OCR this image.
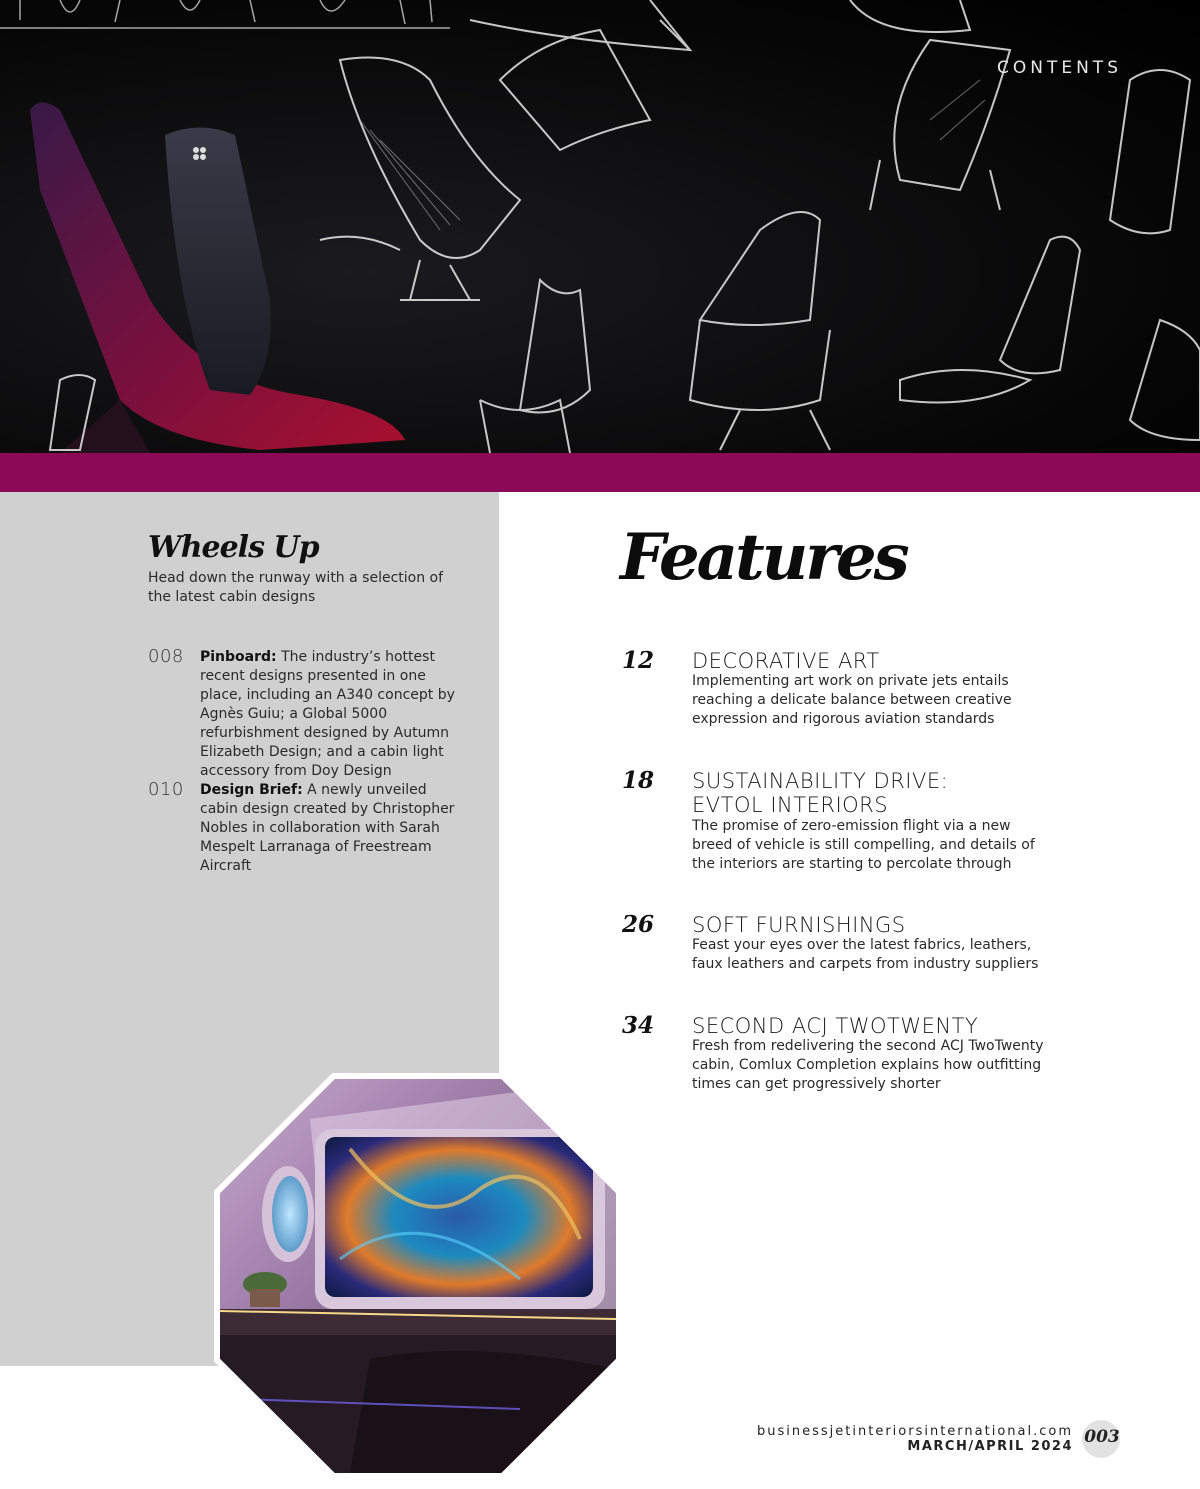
CONTENTS
Wheels Up
Head down the runway with a selection of the latest cabin designs
008 Pinboard: The industry’s hottest recent designs presented in one place, including an A340 concept by Agnès Guiu; a Global 5000 refurbishment designed by Autumn Elizabeth Design; and a cabin light accessory from Doy Design
010 Design Brief: A newly unveiled cabin design created by Christopher Nobles in collaboration with Sarah Mespelt Larranaga of Freestream Aircraft
Features
12 DECORATIVE ART
Implementing art work on private jets entails reaching a delicate balance between creative expression and rigorous aviation standards
18 SUSTAINABILITY DRIVE: EVTOL INTERIORS
The promise of zero-emission flight via a new breed of vehicle is still compelling, and details of the interiors are starting to percolate through
26 SOFT FURNISHINGS
Feast your eyes over the latest fabrics, leathers, faux leathers and carpets from industry suppliers
34 SECOND ACJ TWOTWENTY
Fresh from redelivering the second ACJ TwoTwenty cabin, Comlux Completion explains how outfitting times can get progressively shorter
businessjetinteriorsinternational.com
MARCH/APRIL 2024 003
